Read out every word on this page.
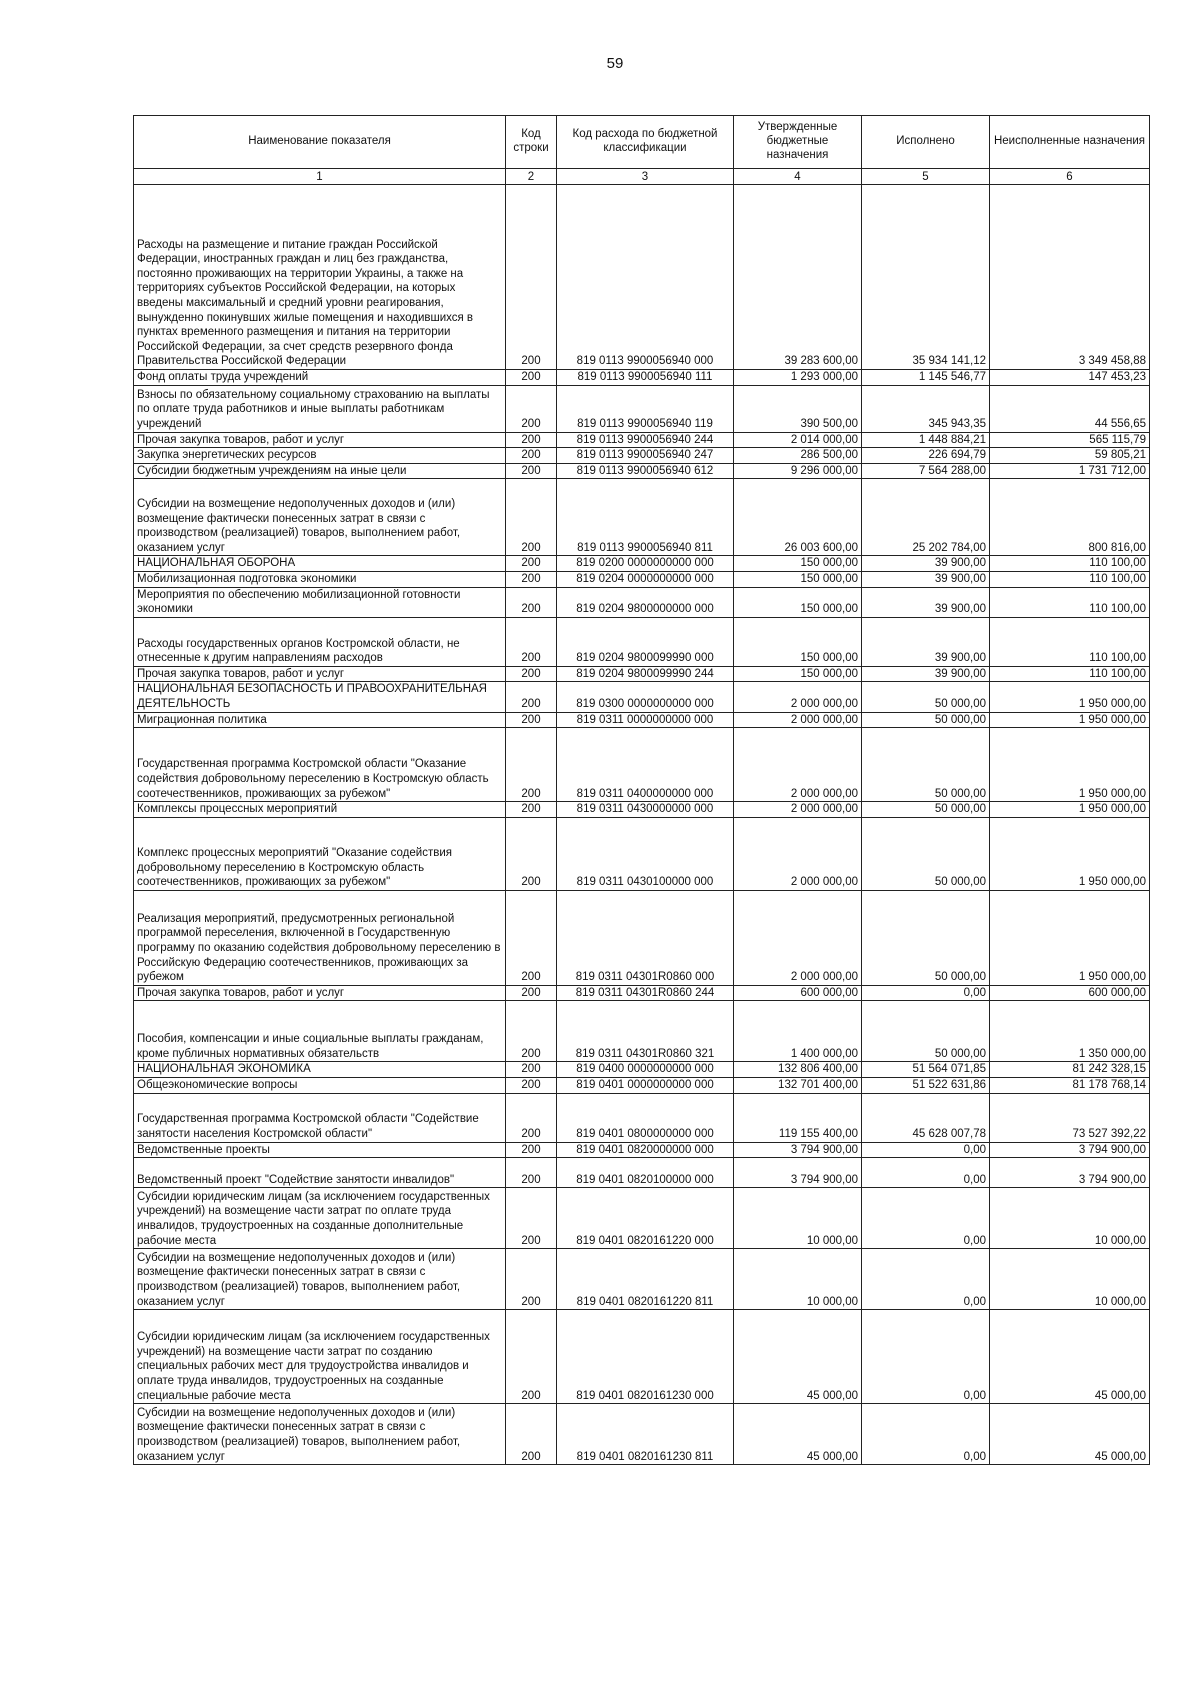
59
Наименование показателя	Код строки	Код расхода по бюджетной классификации	Утвержденные бюджетные назначения	Исполнено	Неисполненные назначения
1	2	3	4	5	6
Расходы на размещение и питание граждан Российской Федерации, иностранных граждан и лиц без гражданства, постоянно проживающих на территории Украины, а также на территориях субъектов Российской Федерации, на которых введены максимальный и средний уровни реагирования, вынужденно покинувших жилые помещения и находившихся в пунктах временного размещения и питания на территории Российской Федерации, за счет средств резервного фонда Правительства Российской Федерации	200	819 0113 9900056940 000	39 283 600,00	35 934 141,12	3 349 458,88
Фонд оплаты труда учреждений	200	819 0113 9900056940 111	1 293 000,00	1 145 546,77	147 453,23
Взносы по обязательному социальному страхованию на выплаты по оплате труда работников и иные выплаты работникам учреждений	200	819 0113 9900056940 119	390 500,00	345 943,35	44 556,65
Прочая закупка товаров, работ и услуг	200	819 0113 9900056940 244	2 014 000,00	1 448 884,21	565 115,79
Закупка энергетических ресурсов	200	819 0113 9900056940 247	286 500,00	226 694,79	59 805,21
Субсидии бюджетным учреждениям на иные цели	200	819 0113 9900056940 612	9 296 000,00	7 564 288,00	1 731 712,00
Субсидии на возмещение недополученных доходов и (или) возмещение фактически понесенных затрат в связи с производством (реализацией) товаров, выполнением работ, оказанием услуг	200	819 0113 9900056940 811	26 003 600,00	25 202 784,00	800 816,00
НАЦИОНАЛЬНАЯ ОБОРОНА	200	819 0200 0000000000 000	150 000,00	39 900,00	110 100,00
Мобилизационная подготовка экономики	200	819 0204 0000000000 000	150 000,00	39 900,00	110 100,00
Мероприятия по обеспечению мобилизационной готовности экономики	200	819 0204 9800000000 000	150 000,00	39 900,00	110 100,00
Расходы государственных органов Костромской области, не отнесенные к другим направлениям расходов	200	819 0204 9800099990 000	150 000,00	39 900,00	110 100,00
Прочая закупка товаров, работ и услуг	200	819 0204 9800099990 244	150 000,00	39 900,00	110 100,00
НАЦИОНАЛЬНАЯ БЕЗОПАСНОСТЬ И ПРАВООХРАНИТЕЛЬНАЯ ДЕЯТЕЛЬНОСТЬ	200	819 0300 0000000000 000	2 000 000,00	50 000,00	1 950 000,00
Миграционная политика	200	819 0311 0000000000 000	2 000 000,00	50 000,00	1 950 000,00
Государственная программа Костромской области "Оказание содействия добровольному переселению в Костромскую область соотечественников, проживающих за рубежом"	200	819 0311 0400000000 000	2 000 000,00	50 000,00	1 950 000,00
Комплексы процессных мероприятий	200	819 0311 0430000000 000	2 000 000,00	50 000,00	1 950 000,00
Комплекс процессных мероприятий "Оказание содействия добровольному переселению в Костромскую область соотечественников, проживающих за рубежом"	200	819 0311 0430100000 000	2 000 000,00	50 000,00	1 950 000,00
Реализация мероприятий, предусмотренных региональной программой переселения, включенной в Государственную программу по оказанию содействия добровольному переселению в Российскую Федерацию соотечественников, проживающих за рубежом	200	819 0311 04301R0860 000	2 000 000,00	50 000,00	1 950 000,00
Прочая закупка товаров, работ и услуг	200	819 0311 04301R0860 244	600 000,00	0,00	600 000,00
Пособия, компенсации и иные социальные выплаты гражданам, кроме публичных нормативных обязательств	200	819 0311 04301R0860 321	1 400 000,00	50 000,00	1 350 000,00
НАЦИОНАЛЬНАЯ ЭКОНОМИКА	200	819 0400 0000000000 000	132 806 400,00	51 564 071,85	81 242 328,15
Общеэкономические вопросы	200	819 0401 0000000000 000	132 701 400,00	51 522 631,86	81 178 768,14
Государственная программа Костромской области "Содействие занятости населения Костромской области"	200	819 0401 0800000000 000	119 155 400,00	45 628 007,78	73 527 392,22
Ведомственные проекты	200	819 0401 0820000000 000	3 794 900,00	0,00	3 794 900,00
Ведомственный проект "Содействие занятости инвалидов"	200	819 0401 0820100000 000	3 794 900,00	0,00	3 794 900,00
Субсидии юридическим лицам (за исключением государственных учреждений) на возмещение части затрат по оплате труда инвалидов, трудоустроенных на созданные дополнительные рабочие места	200	819 0401 0820161220 000	10 000,00	0,00	10 000,00
Субсидии на возмещение недополученных доходов и (или) возмещение фактически понесенных затрат в связи с производством (реализацией) товаров, выполнением работ, оказанием услуг	200	819 0401 0820161220 811	10 000,00	0,00	10 000,00
Субсидии юридическим лицам (за исключением государственных учреждений) на возмещение части затрат по созданию специальных рабочих мест для трудоустройства инвалидов и оплате труда инвалидов, трудоустроенных на созданные специальные рабочие места	200	819 0401 0820161230 000	45 000,00	0,00	45 000,00
Субсидии на возмещение недополученных доходов и (или) возмещение фактически понесенных затрат в связи с производством (реализацией) товаров, выполнением работ, оказанием услуг	200	819 0401 0820161230 811	45 000,00	0,00	45 000,00
